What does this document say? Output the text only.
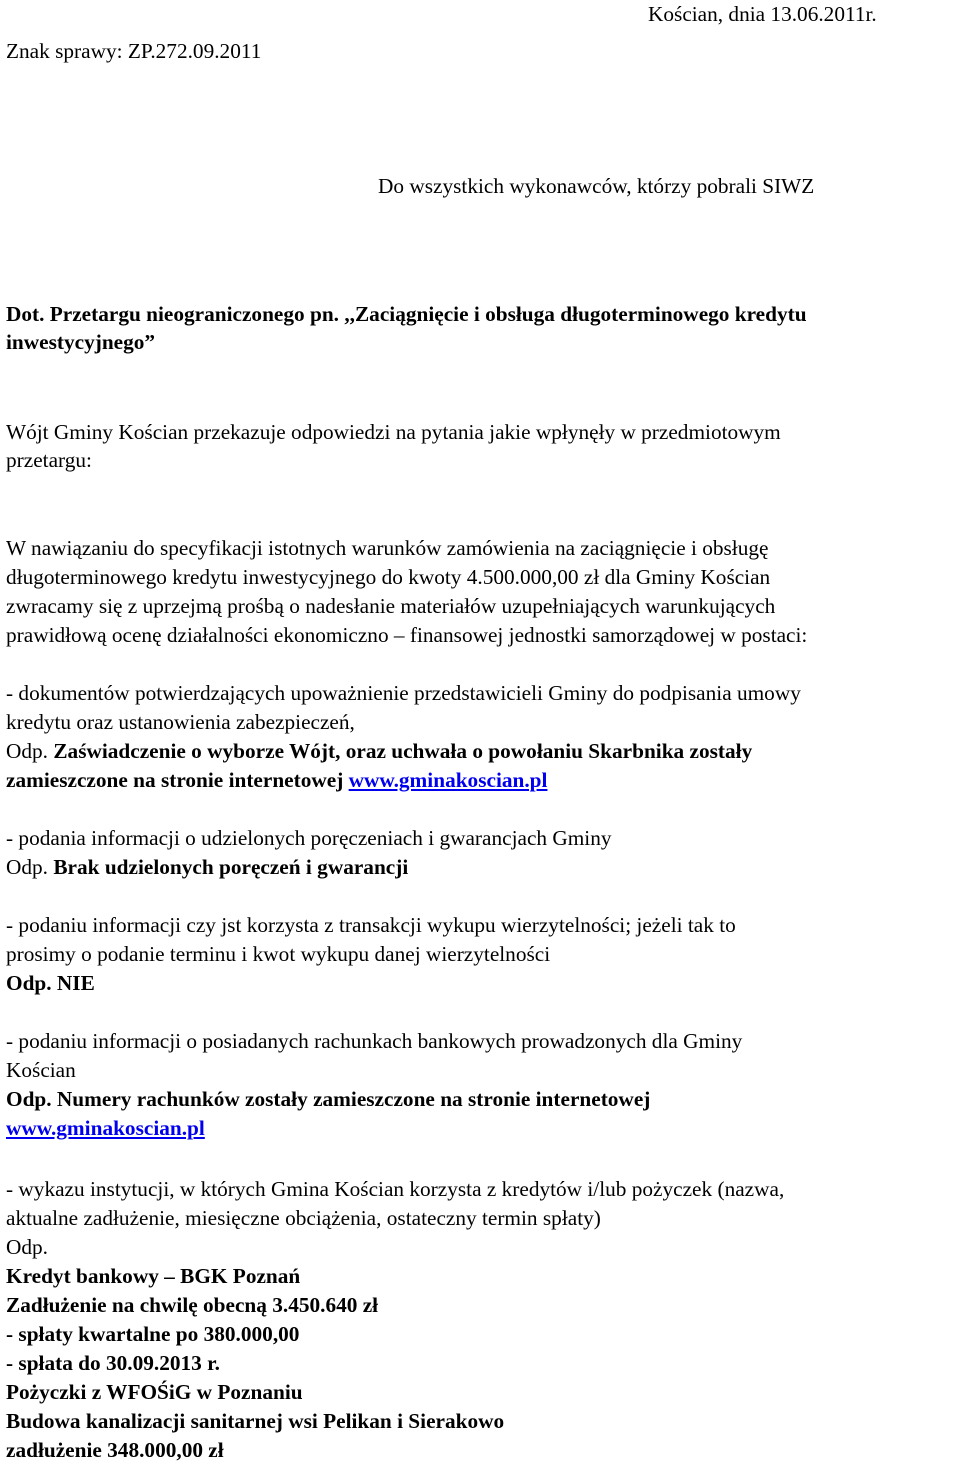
Kościan, dnia 13.06.2011r.

Znak sprawy: ZP.272.09.2011

Do wszystkich wykonawców, którzy pobrali SIWZ

Dot. Przetargu nieograniczonego pn. ,,Zaciągnięcie i obsługa długoterminowego kredytu

inwestycyjnego”

Wójt Gminy Kościan przekazuje odpowiedzi na pytania jakie wpłynęły w przedmiotowym

przetargu:

W nawiązaniu do specyfikacji istotnych warunków zamówienia na zaciągnięcie i obsługę

długoterminowego kredytu inwestycyjnego do kwoty 4.500.000,00 zł dla Gminy Kościan

zwracamy się z uprzejmą prośbą o nadesłanie materiałów uzupełniających warunkujących

prawidłową ocenę działalności ekonomiczno – finansowej jednostki samorządowej w postaci:

- dokumentów potwierdzających upoważnienie przedstawicieli Gminy do podpisania umowy

kredytu oraz ustanowienia zabezpieczeń,

Odp. Zaświadczenie o wyborze Wójt, oraz uchwała o powołaniu Skarbnika zostały

zamieszczone na stronie internetowej www.gminakoscian.pl

- podania informacji o udzielonych poręczeniach i gwarancjach Gminy

Odp. Brak udzielonych poręczeń i gwarancji

- podaniu informacji czy jst korzysta z transakcji wykupu wierzytelności; jeżeli tak to

prosimy o podanie terminu i kwot wykupu danej wierzytelności

Odp. NIE

- podaniu informacji o posiadanych rachunkach bankowych prowadzonych dla Gminy

Kościan

Odp. Numery rachunków zostały zamieszczone na stronie internetowej

www.gminakoscian.pl

- wykazu instytucji, w których Gmina Kościan korzysta z kredytów i/lub pożyczek (nazwa,

aktualne zadłużenie, miesięczne obciążenia, ostateczny termin spłaty)

Odp.

Kredyt bankowy – BGK Poznań

Zadłużenie na chwilę obecną 3.450.640 zł

- spłaty kwartalne po 380.000,00

- spłata do 30.09.2013 r.

Pożyczki z WFOŚiG w Poznaniu

Budowa kanalizacji sanitarnej wsi Pelikan i Sierakowo

zadłużenie 348.000,00 zł
